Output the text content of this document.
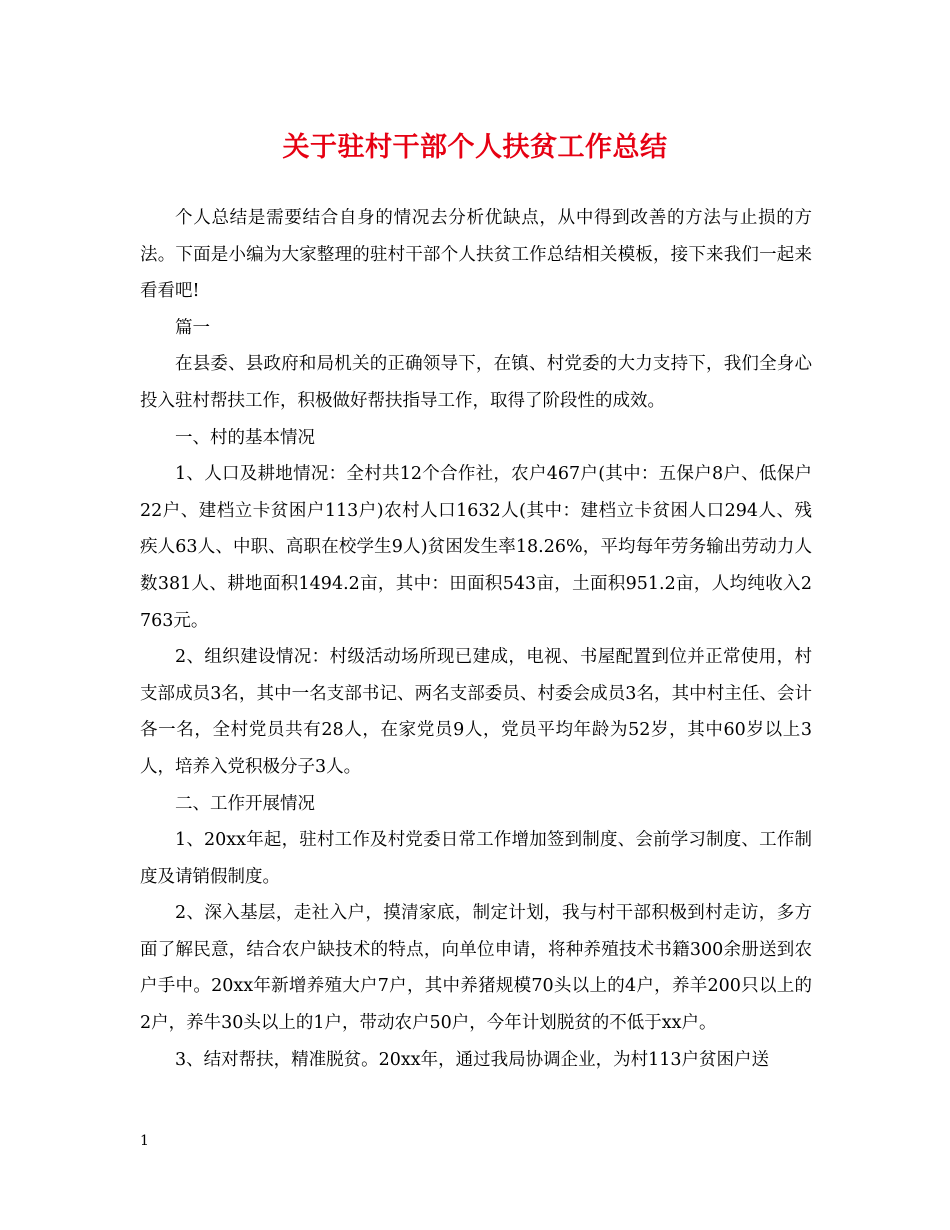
关于驻村干部个人扶贫工作总结

个人总结是需要结合自身的情况去分析优缺点，从中得到改善的方法与止损的方法。下面是小编为大家整理的驻村干部个人扶贫工作总结相关模板，接下来我们一起来看看吧!

篇一

在县委、县政府和局机关的正确领导下，在镇、村党委的大力支持下，我们全身心投入驻村帮扶工作，积极做好帮扶指导工作，取得了阶段性的成效。

一、村的基本情况

1、人口及耕地情况：全村共12个合作社，农户467户(其中：五保户8户、低保户22户、建档立卡贫困户113户)农村人口1632人(其中：建档立卡贫困人口294人、残疾人63人、中职、高职在校学生9人)贫困发生率18.26%，平均每年劳务输出劳动力人数381人、耕地面积1494.2亩，其中：田面积543亩，土面积951.2亩，人均纯收入2763元。

2、组织建设情况：村级活动场所现已建成，电视、书屋配置到位并正常使用，村支部成员3名，其中一名支部书记、两名支部委员、村委会成员3名，其中村主任、会计各一名，全村党员共有28人，在家党员9人，党员平均年龄为52岁，其中60岁以上3人，培养入党积极分子3人。

二、工作开展情况

1、20xx年起，驻村工作及村党委日常工作增加签到制度、会前学习制度、工作制度及请销假制度。

2、深入基层，走社入户，摸清家底，制定计划，我与村干部积极到村走访，多方面了解民意，结合农户缺技术的特点，向单位申请，将种养殖技术书籍300余册送到农户手中。20xx年新增养殖大户7户，其中养猪规模70头以上的4户，养羊200只以上的2户，养牛30头以上的1户，带动农户50户，今年计划脱贫的不低于xx户。

3、结对帮扶，精准脱贫。20xx年，通过我局协调企业，为村113户贫困户送

1
